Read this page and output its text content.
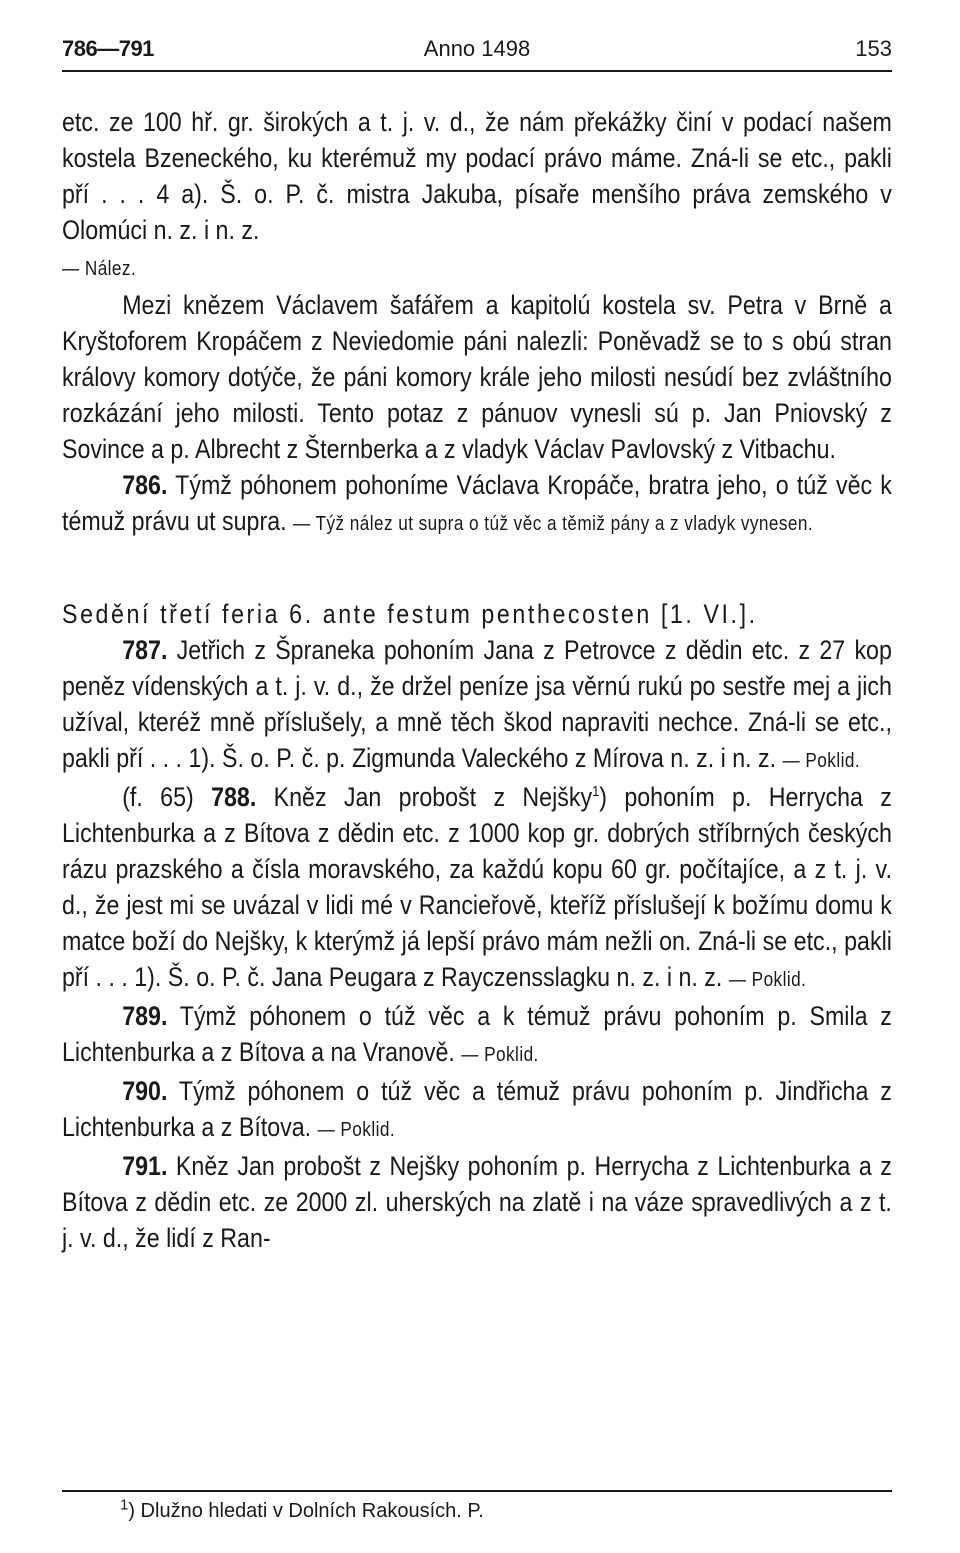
786—791	Anno 1498	153

etc. ze 100 hř. gr. širokých a t. j. v. d., že nám překážky činí v podací našem kostela Bzeneckého, ku kterémuž my podací právo máme. Zná-li se etc., pakli pří . . . 4 a). Š. o. P. č. mistra Jakuba, písaře menšího práva zemského v Olomúci n. z. i n. z.
— Nález.

Mezi knězem Václavem šafářem a kapitolú kostela sv. Petra v Brně a Kryštoforem Kropáčem z Neviedomie páni nalezli: Poněvadž se to s obú stran královy komory dotýče, že páni komory krále jeho milosti nesúdí bez zvláštního rozkázání jeho milosti. Tento potaz z pánuov vynesli sú p. Jan Pniovský z Sovince a p. Albrecht z Šternberka a z vladyk Václav Pavlovský z Vitbachu.

786. Týmž póhonem pohoníme Václava Kropáče, bratra jeho, o túž věc k témuž právu ut supra. — Týž nález ut supra o túž věc a těmiž pány a z vladyk vynesen.

Sedění třetí feria 6. ante festum penthecosten [1. VI.].

787. Jetřich z Špraneka pohoním Jana z Petrovce z dědin etc. z 27 kop peněz vídenských a t. j. v. d., že držel peníze jsa věrnú rukú po sestře mej a jich užíval, kteréž mně příslušely, a mně těch škod napraviti nechce. Zná-li se etc., pakli pří . . . 1). Š. o. P. č. p. Zigmunda Valeckého z Mírova n. z. i n. z. — Poklid.

(f. 65) 788. Kněz Jan probošt z Nejšky$^1$) pohoním p. Herrycha z Lichtenburka a z Bítova z dědin etc. z 1000 kop gr. dobrých stříbrných českých rázu prazského a čísla moravského, za každú kopu 60 gr. počítajíce, a z t. j. v. d., že jest mi se uvázal v lidi mé v Rancieřově, kteříž příslušejí k božímu domu k matce boží do Nejšky, k kterýmž já lepší právo mám nežli on. Zná-li se etc., pakli pří . . . 1). Š. o. P. č. Jana Peugara z Rayczensslagku n. z. i n. z. — Poklid.

789. Týmž póhonem o túž věc a k témuž právu pohoním p. Smila z Lichtenburka a z Bítova a na Vranově. — Poklid.

790. Týmž póhonem o túž věc a témuž právu pohoním p. Jindřicha z Lichtenburka a z Bítova. — Poklid.

791. Kněz Jan probošt z Nejšky pohoním p. Herrycha z Lichtenburka a z Bítova z dědin etc. ze 2000 zl. uherských na zlatě i na váze spravedlivých a z t. j. v. d., že lidí z Ran-

$^1$) Dlužno hledati v Dolních Rakousích. P.
